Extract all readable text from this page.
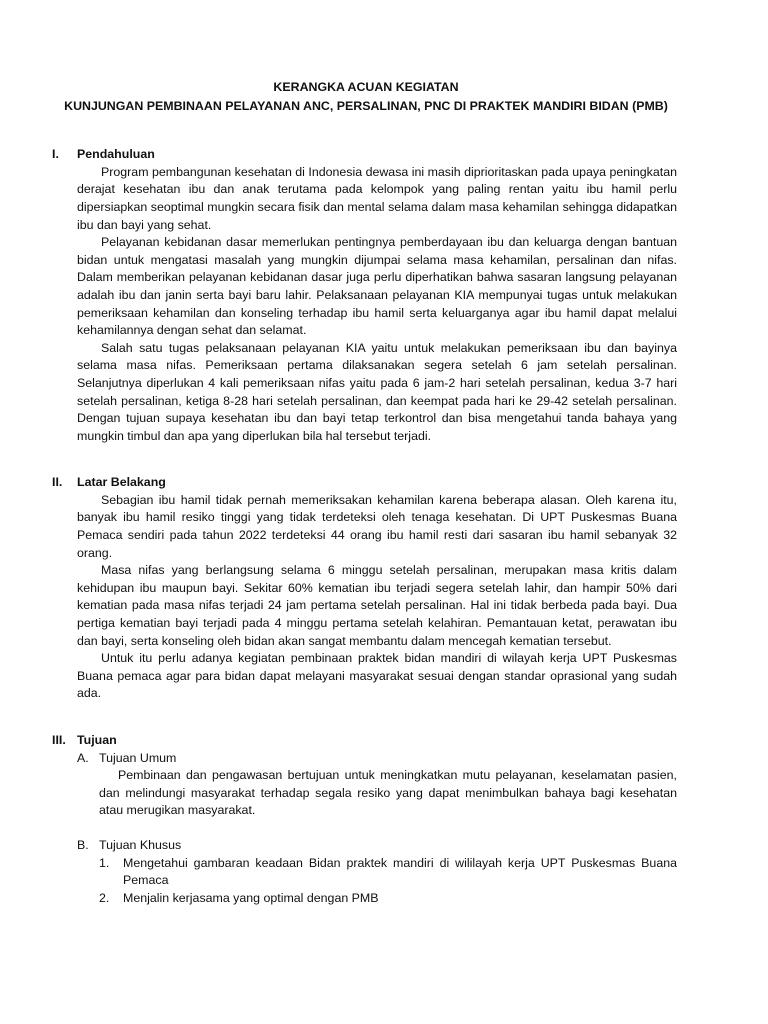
KERANGKA ACUAN KEGIATAN
KUNJUNGAN PEMBINAAN PELAYANAN ANC, PERSALINAN, PNC DI PRAKTEK MANDIRI BIDAN (PMB)
I.	Pendahuluan

Program pembangunan kesehatan di Indonesia dewasa ini masih diprioritaskan pada upaya peningkatan derajat kesehatan ibu dan anak terutama pada kelompok yang paling rentan yaitu ibu hamil perlu dipersiapkan seoptimal mungkin secara fisik dan mental selama dalam masa kehamilan sehingga didapatkan ibu dan bayi yang sehat.

Pelayanan kebidanan dasar memerlukan pentingnya pemberdayaan ibu dan keluarga dengan bantuan bidan untuk mengatasi masalah yang mungkin dijumpai selama masa kehamilan, persalinan dan nifas. Dalam memberikan pelayanan kebidanan dasar juga perlu diperhatikan bahwa sasaran langsung pelayanan adalah ibu dan janin serta bayi baru lahir. Pelaksanaan pelayanan KIA mempunyai tugas untuk melakukan pemeriksaan kehamilan dan konseling terhadap ibu hamil serta keluarganya agar ibu hamil dapat melalui kehamilannya dengan sehat dan selamat.

Salah satu tugas pelaksanaan pelayanan KIA yaitu untuk melakukan pemeriksaan ibu dan bayinya selama masa nifas. Pemeriksaan pertama dilaksanakan segera setelah 6 jam setelah persalinan. Selanjutnya diperlukan 4 kali pemeriksaan nifas yaitu pada 6 jam-2 hari setelah persalinan, kedua 3-7 hari setelah persalinan, ketiga 8-28 hari setelah persalinan, dan keempat pada hari ke 29-42 setelah persalinan. Dengan tujuan supaya kesehatan ibu dan bayi tetap terkontrol dan bisa mengetahui tanda bahaya yang mungkin timbul dan apa yang diperlukan bila hal tersebut terjadi.

II.	Latar Belakang

Sebagian ibu hamil tidak pernah memeriksakan kehamilan karena beberapa alasan. Oleh karena itu, banyak ibu hamil resiko tinggi yang tidak terdeteksi oleh tenaga kesehatan. Di UPT Puskesmas Buana Pemaca sendiri pada tahun 2022 terdeteksi 44 orang ibu hamil resti dari sasaran ibu hamil sebanyak 32 orang.

Masa nifas yang berlangsung selama 6 minggu setelah persalinan, merupakan masa kritis dalam kehidupan ibu maupun bayi. Sekitar 60% kematian ibu terjadi segera setelah lahir, dan hampir 50% dari kematian pada masa nifas terjadi 24 jam pertama setelah persalinan. Hal ini tidak berbeda pada bayi. Dua pertiga kematian bayi terjadi pada 4 minggu pertama setelah kelahiran. Pemantauan ketat, perawatan ibu dan bayi, serta konseling oleh bidan akan sangat membantu dalam mencegah kematian tersebut.

Untuk itu perlu adanya kegiatan pembinaan praktek bidan mandiri di wilayah kerja UPT Puskesmas Buana pemaca agar para bidan dapat melayani masyarakat sesuai dengan standar oprasional yang sudah ada.

III. Tujuan
A. Tujuan Umum

Pembinaan dan pengawasan bertujuan untuk meningkatkan mutu pelayanan, keselamatan pasien, dan melindungi masyarakat terhadap segala resiko yang dapat menimbulkan bahaya bagi kesehatan atau merugikan masyarakat.

B. Tujuan Khusus
1.	Mengetahui gambaran keadaan Bidan praktek mandiri di wililayah kerja UPT Puskesmas Buana Pemaca
2.	Menjalin kerjasama yang optimal dengan PMB
